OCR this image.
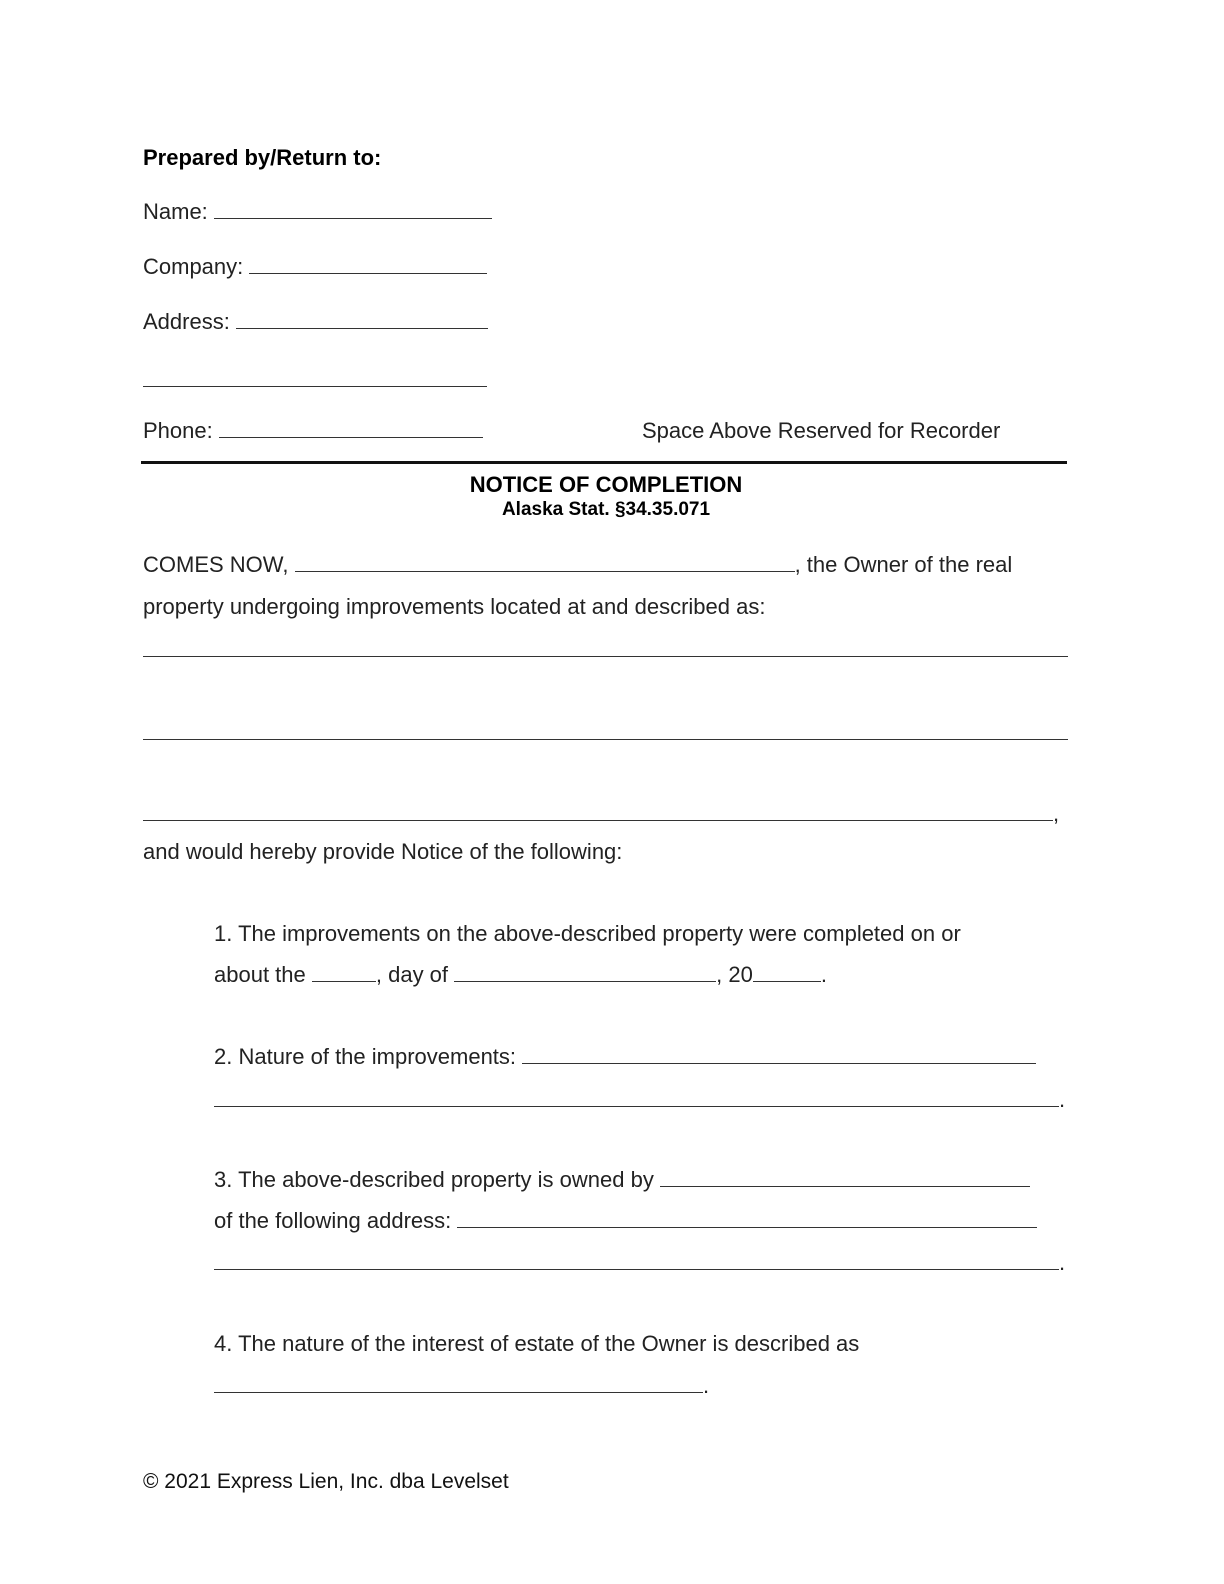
Prepared by/Return to:
Name:
Company:
Address:
Phone:	Space Above Reserved for Recorder
NOTICE OF COMPLETION
Alaska Stat. §34.35.071
COMES NOW,	, the Owner of the real
property undergoing improvements located at and described as:
,
and would hereby provide Notice of the following:
1. The improvements on the above-described property were completed on or
about the	, day of	, 20	.
2. Nature of the improvements:
.
3. The above-described property is owned by
of the following address:
.
4. The nature of the interest of estate of the Owner is described as
.
© 2021 Express Lien, Inc. dba Levelset
